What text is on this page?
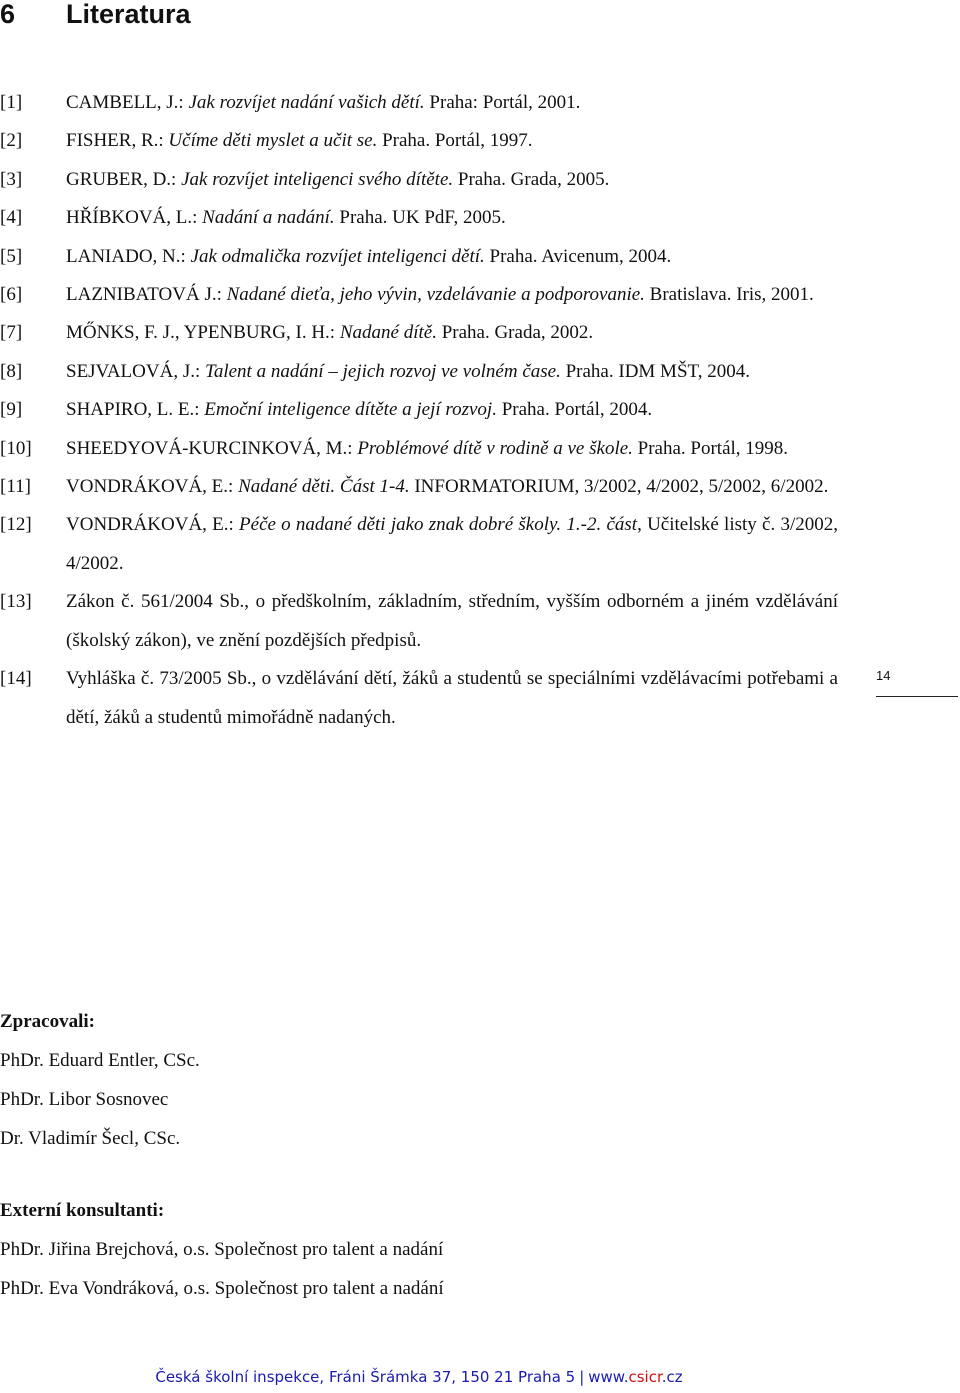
6	Literatura
[1]	CAMBELL, J.: Jak rozvíjet nadání vašich dětí. Praha: Portál, 2001.
[2]	FISHER, R.: Učíme děti myslet a učit se. Praha. Portál, 1997.
[3]	GRUBER, D.: Jak rozvíjet inteligenci svého dítěte. Praha. Grada, 2005.
[4]	HŘÍBKOVÁ, L.: Nadání a nadání. Praha. UK PdF, 2005.
[5]	LANIADO, N.: Jak odmalička rozvíjet inteligenci dětí. Praha. Avicenum, 2004.
[6]	LAZNIBATOVÁ J.: Nadané dieťa, jeho vývin, vzdelávanie a podporovanie. Bratislava. Iris, 2001.
[7]	MŐNKS, F. J., YPENBURG, I. H.: Nadané dítě. Praha. Grada, 2002.
[8]	SEJVALOVÁ, J.: Talent a nadání – jejich rozvoj ve volném čase. Praha. IDM MŠT, 2004.
[9]	SHAPIRO, L. E.: Emoční inteligence dítěte a její rozvoj. Praha. Portál, 2004.
[10]	SHEEDYOVÁ-KURCINKOVÁ, M.: Problémové dítě v rodině a ve škole. Praha. Portál, 1998.
[11]	VONDRÁKOVÁ, E.: Nadané děti. Část 1-4. INFORMATORIUM, 3/2002, 4/2002, 5/2002, 6/2002.
[12]	VONDRÁKOVÁ, E.: Péče o nadané děti jako znak dobré školy. 1.-2. část, Učitelské listy č. 3/2002, 4/2002.
[13]	Zákon č. 561/2004 Sb., o předškolním, základním, středním, vyšším odborném a jiném vzdělávání (školský zákon), ve znění pozdějších předpisů.
[14]	Vyhláška č. 73/2005 Sb., o vzdělávání dětí, žáků a studentů se speciálními vzdělávacími potřebami a dětí, žáků a studentů mimořádně nadaných.
14
Zpracovali:
PhDr. Eduard Entler, CSc.
PhDr. Libor Sosnovec
Dr. Vladimír Šecl, CSc.
Externí konsultanti:
PhDr. Jiřina Brejchová, o.s. Společnost pro talent a nadání
PhDr. Eva Vondráková, o.s. Společnost pro talent a nadání
Česká školní inspekce, Fráni Šrámka 37, 150 21 Praha 5 | www.csicr.cz
